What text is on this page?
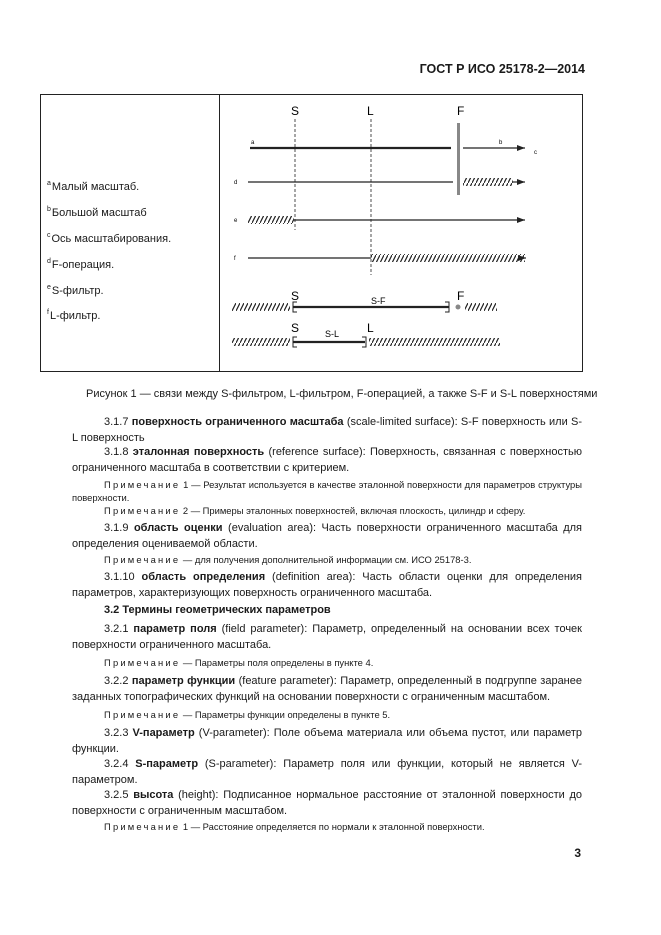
ГОСТ Р ИСО 25178-2—2014
$^a$Малый масштаб.
$^b$Большой масштаб
$^c$Ось масштабирования.
$^d$F-операция.
$^e$S-фильтр.
$^f$L-фильтр.
S	L	F
a	b
c
d
e
f
S	F
S-F
S	L
S-L
Рисунок 1 — связи между S-фильтром, L-фильтром, F-операцией, а также S-F и S-L поверхностями
3.1.7 поверхность ограниченного масштаба (scale-limited surface): S-F поверхность или S-L поверхность
3.1.8 эталонная поверхность (reference surface): Поверхность, связанная с поверхностью ограниченного масштаба в соответствии с критерием.
Примечание 1 — Результат используется в качестве эталонной поверхности для параметров структуры поверхности.
Примечание 2 — Примеры эталонных поверхностей, включая плоскость, цилиндр и сферу.
3.1.9 область оценки (evaluation area): Часть поверхности ограниченного масштаба для определения оцениваемой области.
Примечание — для получения дополнительной информации см. ИСО 25178-3.
3.1.10 область определения (definition area): Часть области оценки для определения параметров, характеризующих поверхность ограниченного масштаба.
3.2 Термины геометрических параметров
3.2.1 параметр поля (field parameter): Параметр, определенный на основании всех точек поверхности ограниченного масштаба.
Примечание — Параметры поля определены в пункте 4.
3.2.2 параметр функции (feature parameter): Параметр, определенный в подгруппе заранее заданных топографических функций на основании поверхности с ограниченным масштабом.
Примечание — Параметры функции определены в пункте 5.
3.2.3 V-параметр (V-parameter): Поле объема материала или объема пустот, или параметр функции.
3.2.4 S-параметр (S-parameter): Параметр поля или функции, который не является V-параметром.
3.2.5 высота (height): Подписанное нормальное расстояние от эталонной поверхности до поверхности с ограниченным масштабом.
Примечание 1 — Расстояние определяется по нормали к эталонной поверхности.
3
